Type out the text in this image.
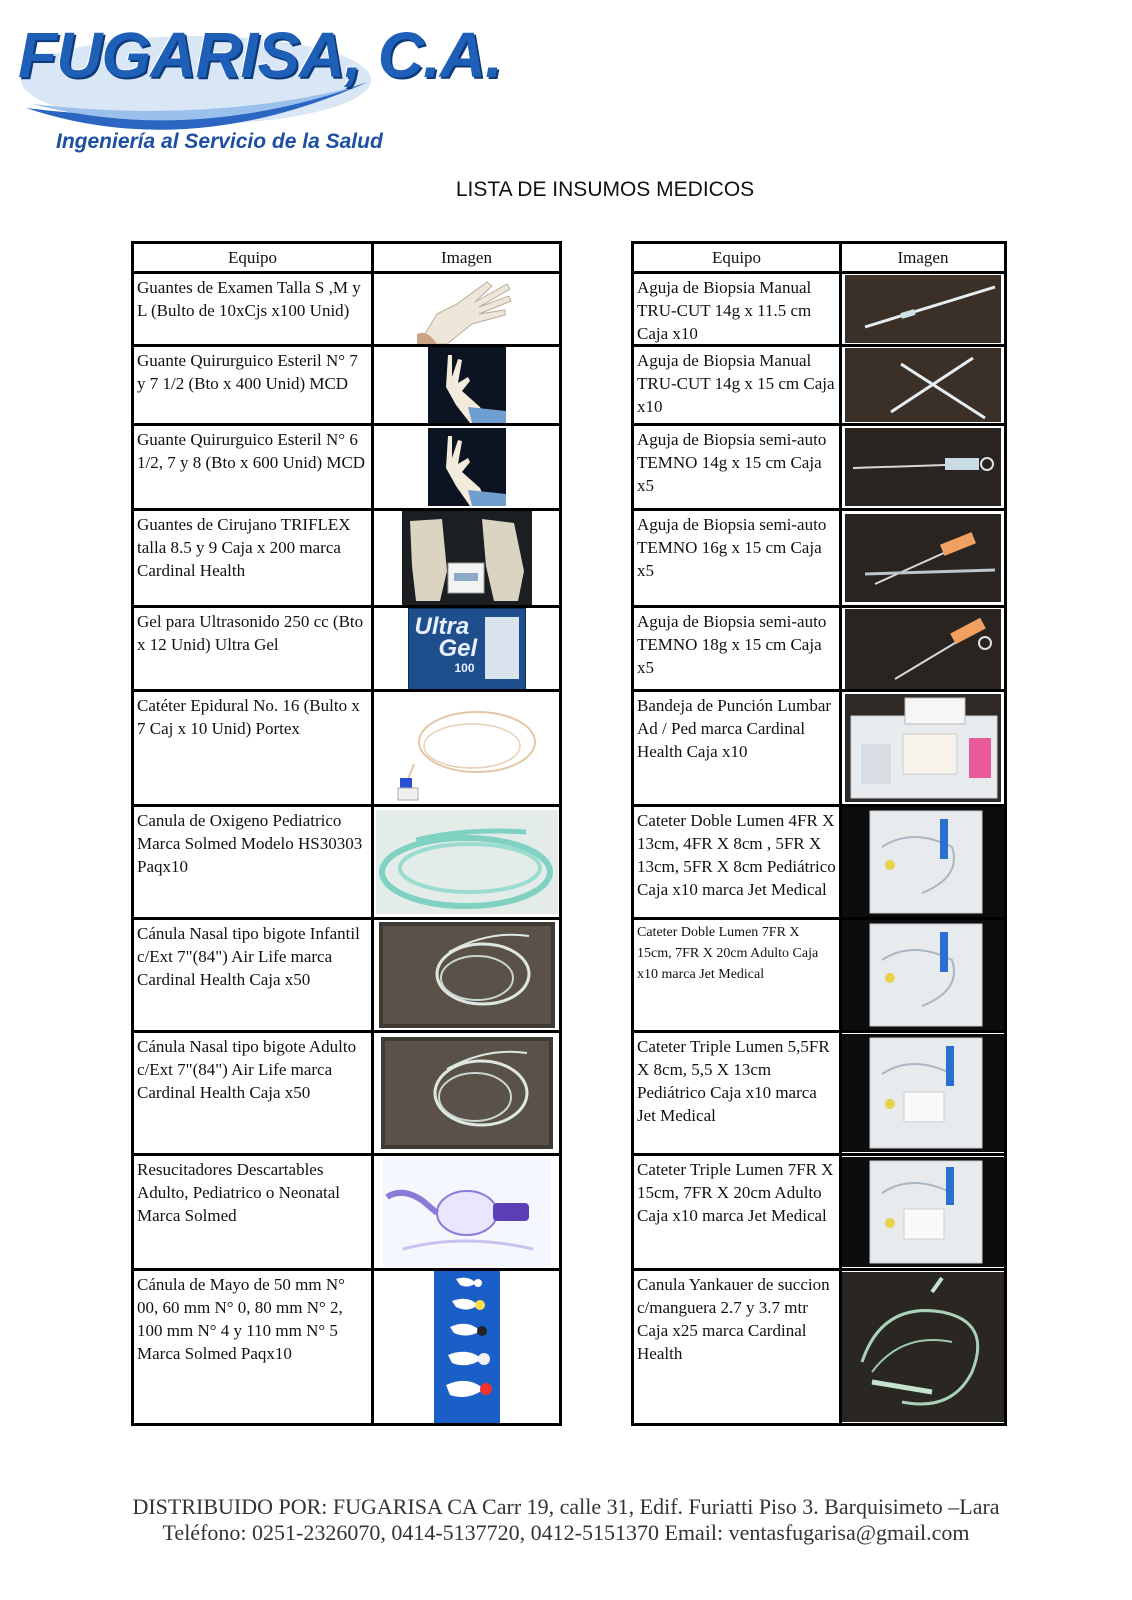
FUGARISA, C.A.
Ingeniería al Servicio de la Salud
LISTA DE INSUMOS MEDICOS
Equipo	Imagen
Guantes de Examen Talla S ,M y L (Bulto de 10xCjs x100 Unid)
Guante Quirurguico Esteril N° 7 y 7 1/2 (Bto x 400 Unid) MCD
Guante Quirurguico Esteril N° 6 1/2, 7 y 8 (Bto x 600 Unid) MCD
Guantes de Cirujano TRIFLEX talla 8.5 y 9 Caja x 200 marca Cardinal Health
Gel para Ultrasonido 250 cc (Bto x 12 Unid) Ultra Gel
Ultra
Gel
100
Catéter Epidural No. 16 (Bulto x 7 Caj x 10 Unid) Portex
Canula de Oxigeno Pediatrico Marca Solmed Modelo HS30303 Paqx10
Cánula Nasal tipo bigote Infantil c/Ext 7"(84") Air Life marca Cardinal Health Caja x50
Cánula Nasal tipo bigote Adulto c/Ext 7"(84") Air Life marca Cardinal Health Caja x50
Resucitadores Descartables Adulto, Pediatrico o Neonatal Marca Solmed
Cánula de Mayo de 50 mm N° 00, 60 mm N° 0, 80 mm N° 2, 100 mm N° 4 y 110 mm N° 5 Marca Solmed Paqx10
Equipo	Imagen
Aguja de Biopsia Manual TRU-CUT 14g x 11.5 cm Caja x10
Aguja de Biopsia Manual TRU-CUT 14g x 15 cm Caja x10
Aguja de Biopsia semi-auto TEMNO 14g x 15 cm Caja x5
Aguja de Biopsia semi-auto TEMNO 16g x 15 cm Caja x5
Aguja de Biopsia semi-auto TEMNO 18g x 15 cm Caja x5
Bandeja de Punción Lumbar Ad / Ped marca Cardinal Health Caja x10
Cateter Doble Lumen 4FR X 13cm, 4FR X 8cm , 5FR X 13cm, 5FR X 8cm Pediátrico Caja x10 marca Jet Medical
Cateter Doble Lumen 7FR X 15cm, 7FR X 20cm Adulto Caja x10 marca Jet Medical
Cateter Triple Lumen 5,5FR X 8cm, 5,5 X 13cm Pediátrico Caja x10 marca Jet Medical
Cateter Triple Lumen 7FR X 15cm, 7FR X 20cm Adulto Caja x10 marca Jet Medical
Canula Yankauer de succion c/manguera 2.7 y 3.7 mtr Caja x25 marca Cardinal Health
DISTRIBUIDO POR: FUGARISA CA Carr 19, calle 31, Edif. Furiatti Piso 3. Barquisimeto –Lara
Teléfono: 0251-2326070, 0414-5137720, 0412-5151370 Email: ventasfugarisa@gmail.com
